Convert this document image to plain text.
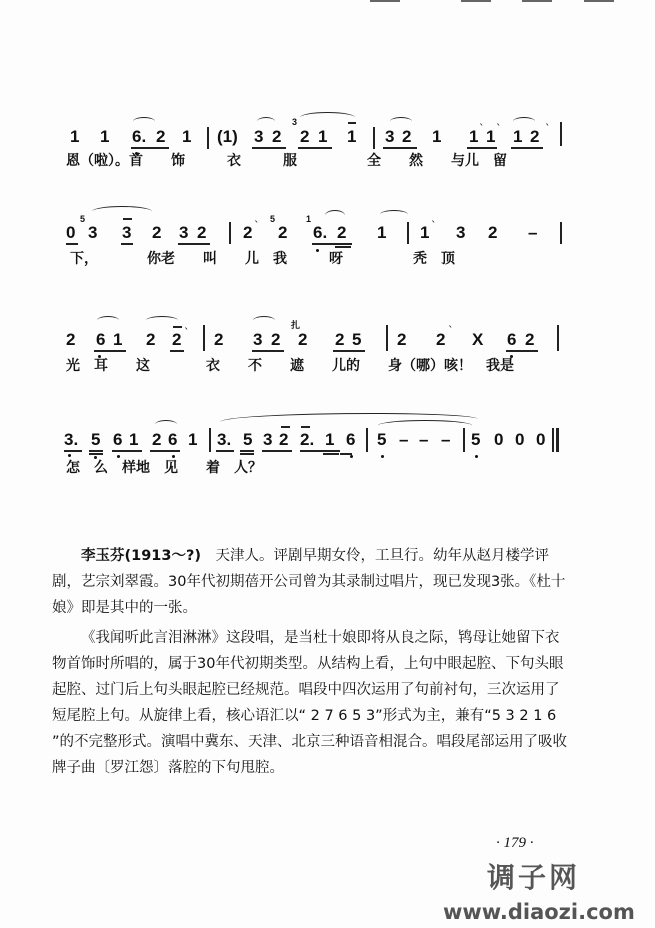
1 1 6. 2 1 (1) 3 2
3
2 1 1 3 2 1 1 ` 1 ` 1 2 `
恩（啦）。首　　饰　　　衣　　　服　　　　　全　　然　　与儿　留
0
5
3 3 2 3 2 2 ` 5
2
1
6. 2 1 1 ` 3 2 –
下，　　　　你老　　叫　　儿　我　　　呀　　　　　秃　顶
2 6 1 2 2 ` 2 3 2
扎
2 2 5 2 2 ` X 6 2
光　耳　　这　　　　衣　　不　　遮　　儿的　　身（哪）咳！　我是
3. 5 6 1 2 6 1 3. 5 3 2 2. 1 6 5 – – – 5 0 0 0
怎　么　样地　见　　着　人？

李玉芬(1913～?)　天津人。评剧早期女伶，工旦行。幼年从赵月楼学评剧，艺宗刘翠霞。30年代初期蓓开公司曾为其录制过唱片，现已发现3张。《杜十娘》即是其中的一张。

《我闻听此言泪淋淋》这段唱，是当杜十娘即将从良之际，鸨母让她留下衣物首饰时所唱的，属于30年代初期类型。从结构上看，上句中眼起腔、下句头眼起腔、过门后上句头眼起腔已经规范。唱段中四次运用了句前衬句，三次运用了短尾腔上句。从旋律上看，核心语汇以“ 2 7 6 5 3”形式为主，兼有“5 3 2 1 6 ”的不完整形式。演唱中冀东、天津、北京三种语音相混合。唱段尾部运用了吸收牌子曲〔罗江怨〕落腔的下句甩腔。

· 179 ·
调子网
www.diaozi.com
